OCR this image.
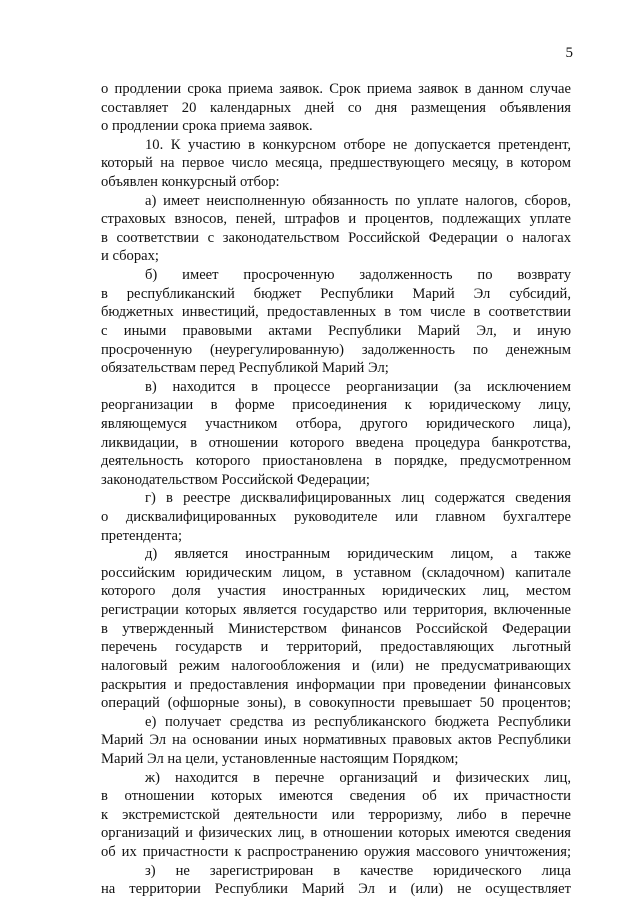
5
о продлении срока приема заявок. Срок приема заявок в данном случае
составляет 20 календарных дней со дня размещения объявления
о продлении срока приема заявок.
10. К участию в конкурсном отборе не допускается претендент,
который на первое число месяца, предшествующего месяцу, в котором
объявлен конкурсный отбор:
а) имеет неисполненную обязанность по уплате налогов, сборов,
страховых взносов, пеней, штрафов и процентов, подлежащих уплате
в соответствии с законодательством Российской Федерации о налогах
и сборах;
б) имеет просроченную задолженность по возврату
в республиканский бюджет Республики Марий Эл субсидий,
бюджетных инвестиций, предоставленных в том числе в соответствии
с иными правовыми актами Республики Марий Эл, и иную
просроченную (неурегулированную) задолженность по денежным
обязательствам перед Республикой Марий Эл;
в) находится в процессе реорганизации (за исключением
реорганизации в форме присоединения к юридическому лицу,
являющемуся участником отбора, другого юридического лица),
ликвидации, в отношении которого введена процедура банкротства,
деятельность которого приостановлена в порядке, предусмотренном
законодательством Российской Федерации;
г) в реестре дисквалифицированных лиц содержатся сведения
о дисквалифицированных руководителе или главном бухгалтере
претендента;
д) является иностранным юридическим лицом, а также
российским юридическим лицом, в уставном (складочном) капитале
которого доля участия иностранных юридических лиц, местом
регистрации которых является государство или территория, включенные
в утвержденный Министерством финансов Российской Федерации
перечень государств и территорий, предоставляющих льготный
налоговый режим налогообложения и (или) не предусматривающих
раскрытия и предоставления информации при проведении финансовых
операций (офшорные зоны), в совокупности превышает 50 процентов;
е) получает средства из республиканского бюджета Республики
Марий Эл на основании иных нормативных правовых актов Республики
Марий Эл на цели, установленные настоящим Порядком;
ж) находится в перечне организаций и физических лиц,
в отношении которых имеются сведения об их причастности
к экстремистской деятельности или терроризму, либо в перечне
организаций и физических лиц, в отношении которых имеются сведения
об их причастности к распространению оружия массового уничтожения;
з) не зарегистрирован в качестве юридического лица
на территории Республики Марий Эл и (или) не осуществляет
